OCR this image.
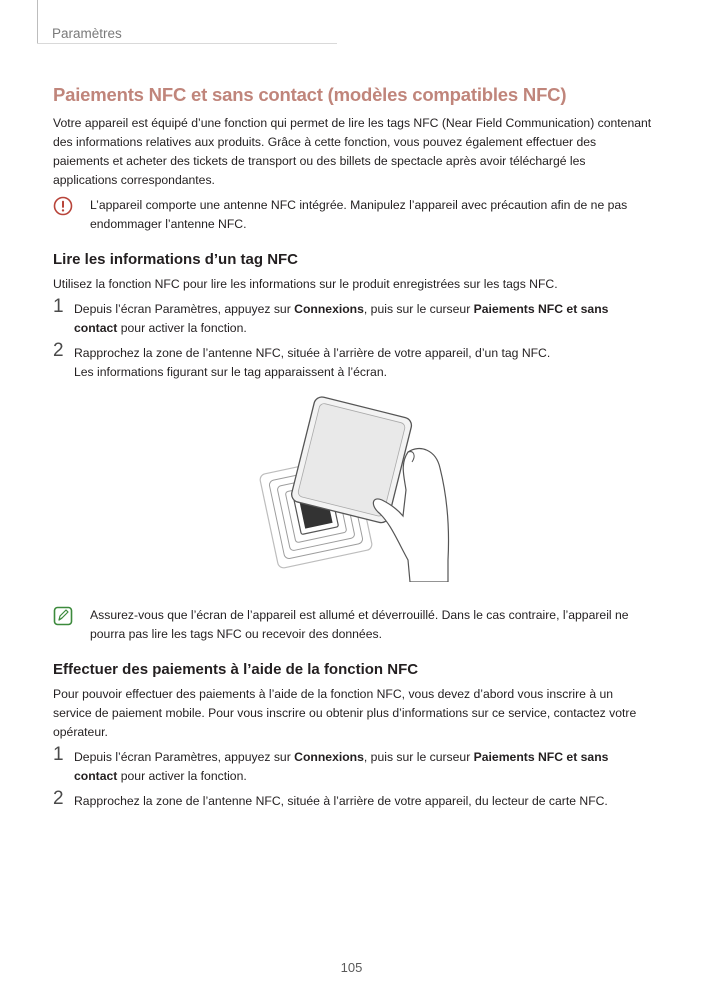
Paramètres
Paiements NFC et sans contact (modèles compatibles NFC)

Votre appareil est équipé d’une fonction qui permet de lire les tags NFC (Near Field Communication) contenant des informations relatives aux produits. Grâce à cette fonction, vous pouvez également effectuer des paiements et acheter des tickets de transport ou des billets de spectacle après avoir téléchargé les applications correspondantes.

L’appareil comporte une antenne NFC intégrée. Manipulez l’appareil avec précaution afin de ne pas endommager l’antenne NFC.
Lire les informations d’un tag NFC

Utilisez la fonction NFC pour lire les informations sur le produit enregistrées sur les tags NFC.

1 Depuis l’écran Paramètres, appuyez sur Connexions, puis sur le curseur Paiements NFC et sans contact pour activer la fonction.
2 Rapprochez la zone de l’antenne NFC, située à l’arrière de votre appareil, d’un tag NFC.
Les informations figurant sur le tag apparaissent à l’écran.
Assurez-vous que l’écran de l’appareil est allumé et déverrouillé. Dans le cas contraire, l’appareil ne pourra pas lire les tags NFC ou recevoir des données.
Effectuer des paiements à l’aide de la fonction NFC

Pour pouvoir effectuer des paiements à l’aide de la fonction NFC, vous devez d’abord vous inscrire à un service de paiement mobile. Pour vous inscrire ou obtenir plus d’informations sur ce service, contactez votre opérateur.

1 Depuis l’écran Paramètres, appuyez sur Connexions, puis sur le curseur Paiements NFC et sans contact pour activer la fonction.
2 Rapprochez la zone de l’antenne NFC, située à l’arrière de votre appareil, du lecteur de carte NFC.
105
